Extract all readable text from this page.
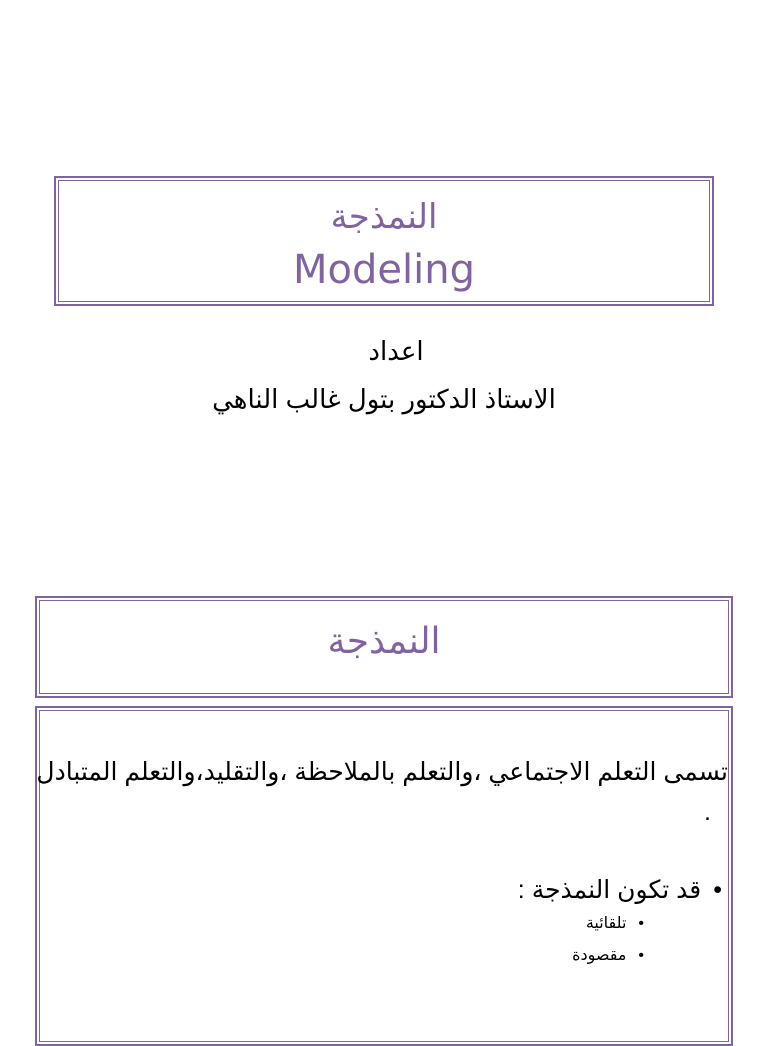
النمذجة
Modeling
اعداد
الاستاذ الدكتور بتول غالب الناهي
النمذجة
تسمى التعلم الاجتماعي ،والتعلم بالملاحظة ،والتقليد،والتعلم المتبادل
.
•قد تكون النمذجة :
•تلقائية
•مقصودة
